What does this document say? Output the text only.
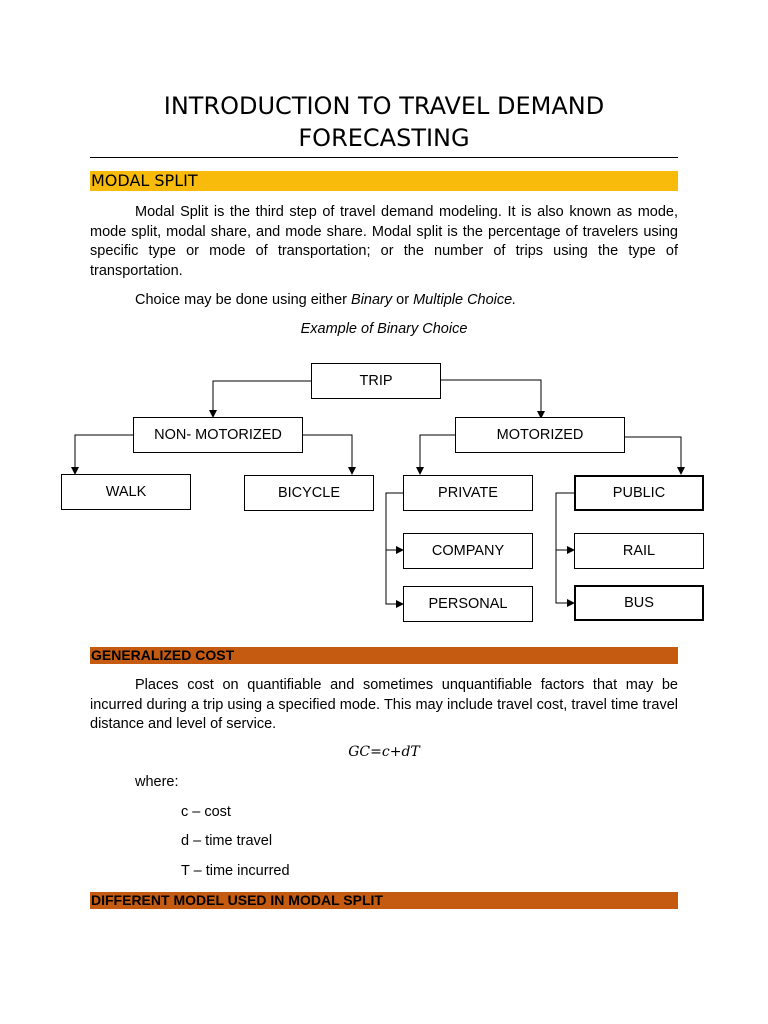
INTRODUCTION TO TRAVEL DEMAND FORECASTING
MODAL SPLIT

Modal Split is the third step of travel demand modeling. It is also known as mode, mode split, modal share, and mode share. Modal split is the percentage of travelers using specific type or mode of transportation; or the number of trips using the type of transportation.

Choice may be done using either Binary or Multiple Choice.

Example of Binary Choice

TRIP
NON- MOTORIZED	MOTORIZED
WALK	BICYCLE	PRIVATE	PUBLIC
COMPANY
PERSONAL
RAIL
BUS
GENERALIZED COST

Places cost on quantifiable and sometimes unquantifiable factors that may be incurred during a trip using a specified mode. This may include travel cost, travel time travel distance and level of service.

GC=c+dT

where:

c – cost

d – time travel

T – time incurred

DIFFERENT MODEL USED IN MODAL SPLIT
